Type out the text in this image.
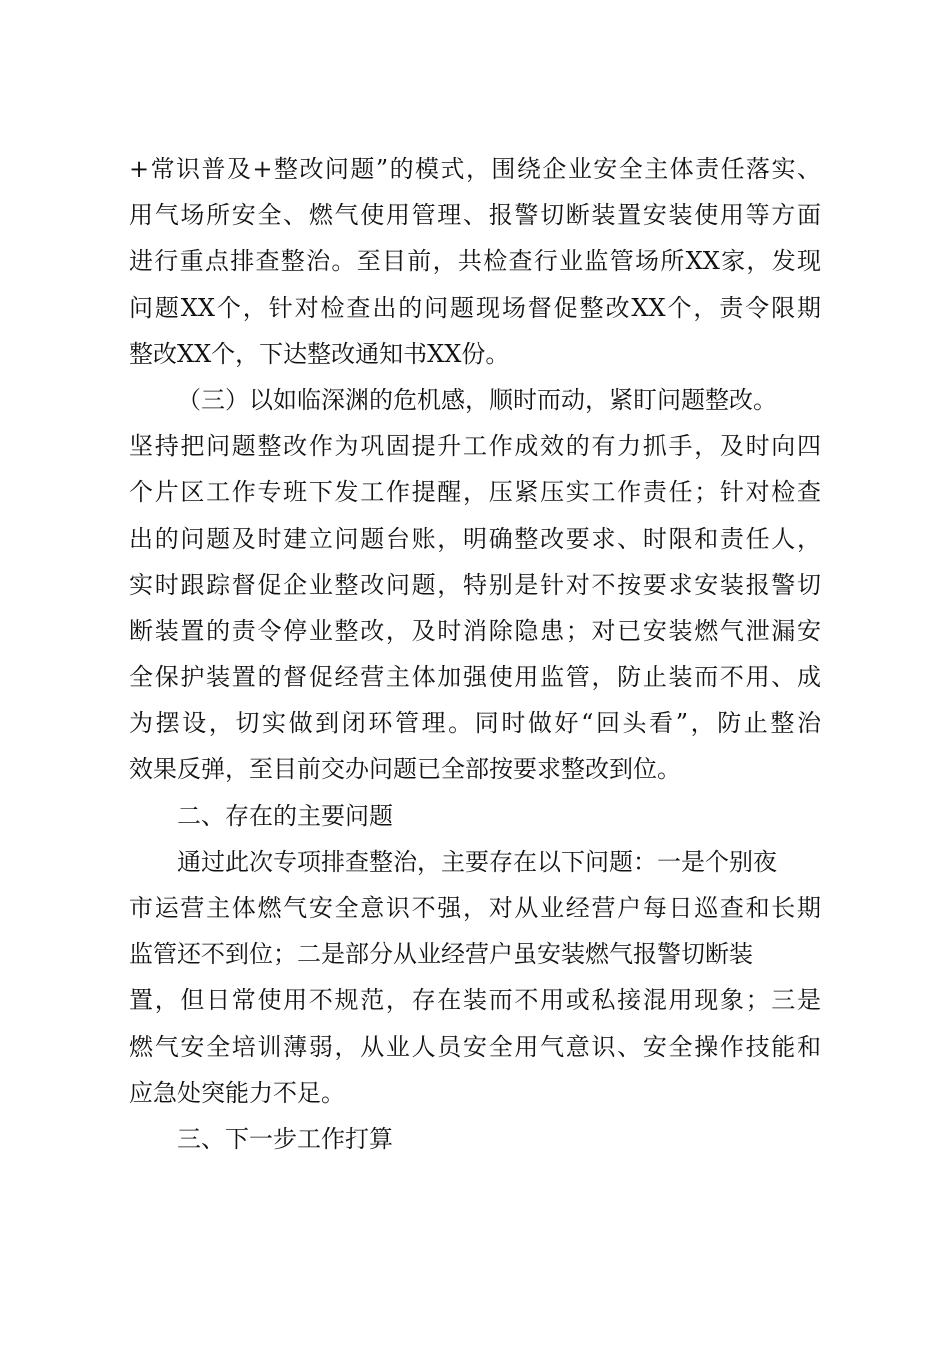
+常识普及+整改问题”的模式，围绕企业安全主体责任落实、
用气场所安全、燃气使用管理、报警切断装置安装使用等方面
进行重点排查整治。至目前，共检查行业监管场所XX家，发现
问题XX个，针对检查出的问题现场督促整改XX个，责令限期
整改XX个，下达整改通知书XX份。
（三）以如临深渊的危机感，顺时而动，紧盯问题整改。
坚持把问题整改作为巩固提升工作成效的有力抓手，及时向四
个片区工作专班下发工作提醒，压紧压实工作责任；针对检查
出的问题及时建立问题台账，明确整改要求、时限和责任人，
实时跟踪督促企业整改问题，特别是针对不按要求安装报警切
断装置的责令停业整改，及时消除隐患；对已安装燃气泄漏安
全保护装置的督促经营主体加强使用监管，防止装而不用、成
为摆设，切实做到闭环管理。同时做好“回头看”，防止整治
效果反弹，至目前交办问题已全部按要求整改到位。
二、存在的主要问题
通过此次专项排查整治，主要存在以下问题：一是个别夜
市运营主体燃气安全意识不强，对从业经营户每日巡查和长期
监管还不到位；二是部分从业经营户虽安装燃气报警切断装
置，但日常使用不规范，存在装而不用或私接混用现象；三是
燃气安全培训薄弱，从业人员安全用气意识、安全操作技能和
应急处突能力不足。
三、下一步工作打算
